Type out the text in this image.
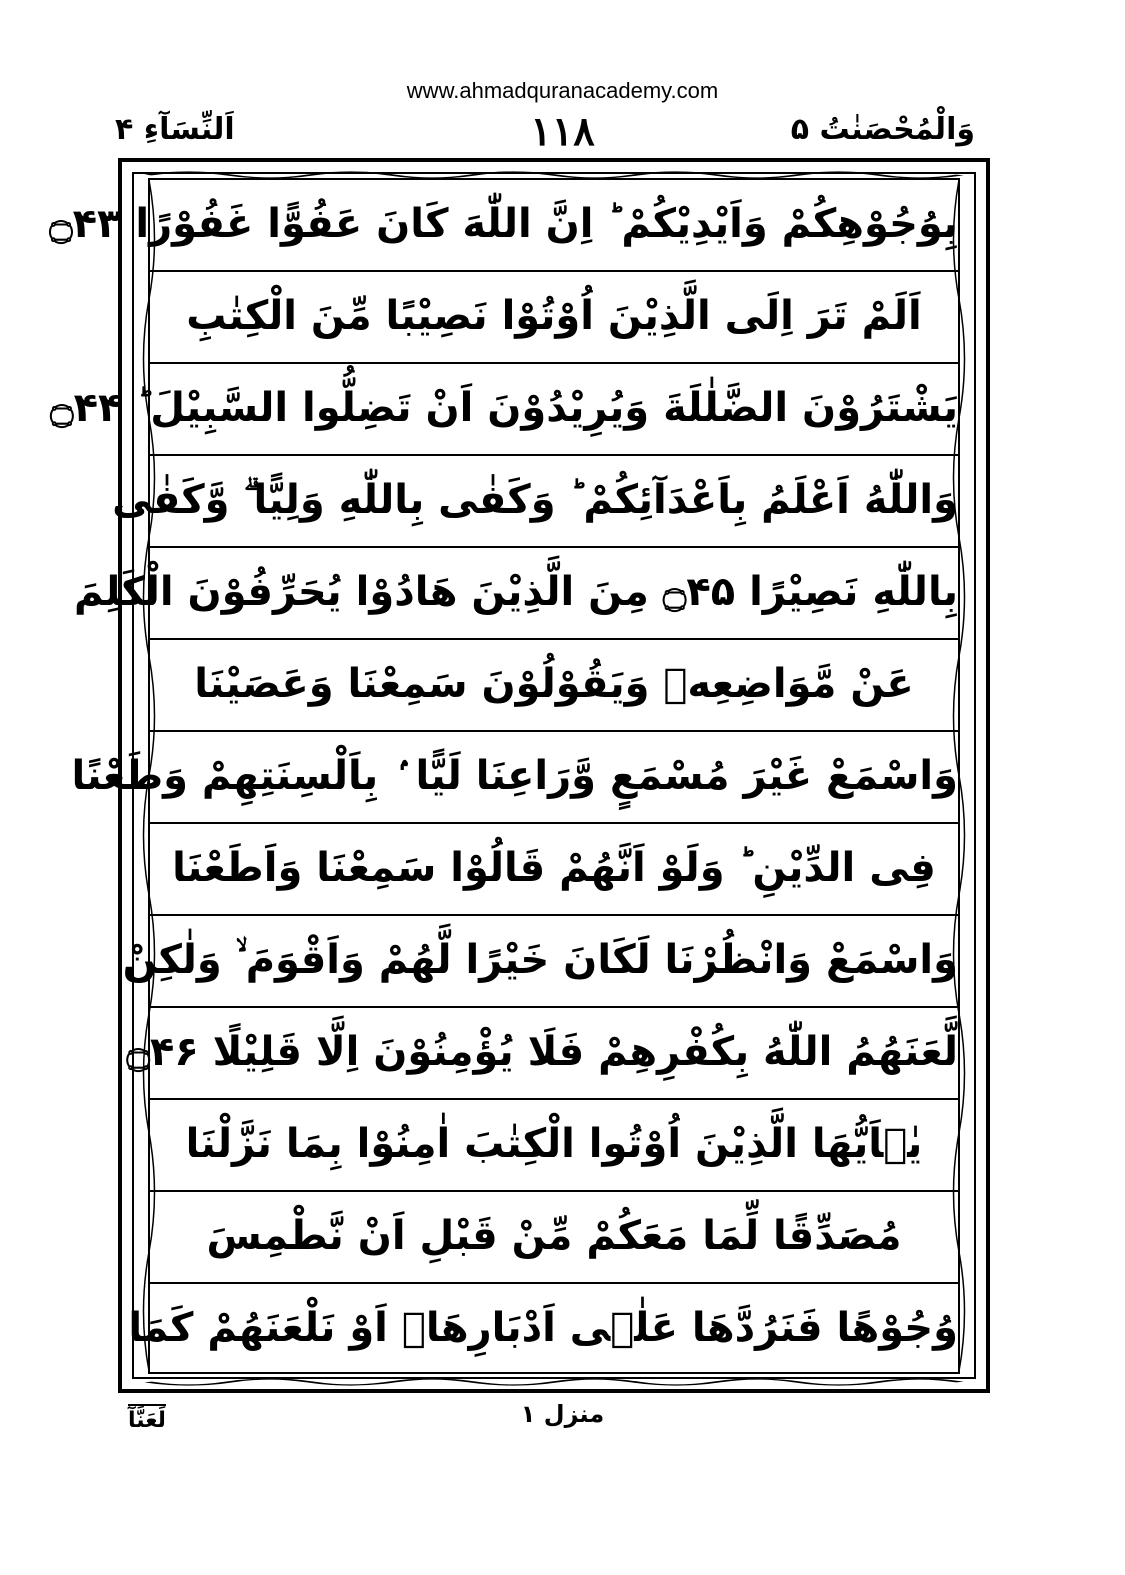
www.ahmadquranacademy.com
وَالْمُحْصَنٰتُ ۵
۱۱۸
اَلنِّسَآءِ ۴
بِوُجُوْهِكُمْ وَاَيْدِيْكُمْ ؕ اِنَّ اللّٰهَ كَانَ عَفُوًّا غَفُوْرًا ۝۴۳
اَلَمْ تَرَ اِلَى الَّذِيْنَ اُوْتُوْا نَصِيْبًا مِّنَ الْكِتٰبِ
يَشْتَرُوْنَ الضَّلٰلَةَ وَيُرِيْدُوْنَ اَنْ تَضِلُّوا السَّبِيْلَ ؕ ۝۴۴
وَاللّٰهُ اَعْلَمُ بِاَعْدَآئِكُمْ ؕ وَكَفٰى بِاللّٰهِ وَلِيًّا ۗ وَّكَفٰى
بِاللّٰهِ نَصِيْرًا ۝۴۵ مِنَ الَّذِيْنَ هَادُوْا يُحَرِّفُوْنَ الْكَلِمَ
عَنْ مَّوَاضِعِهٖ وَيَقُوْلُوْنَ سَمِعْنَا وَعَصَيْنَا
وَاسْمَعْ غَيْرَ مُسْمَعٍ وَّرَاعِنَا لَيًّا ۢ بِاَلْسِنَتِهِمْ وَطَعْنًا
فِى الدِّيْنِ ؕ وَلَوْ اَنَّهُمْ قَالُوْا سَمِعْنَا وَاَطَعْنَا
وَاسْمَعْ وَانْظُرْنَا لَكَانَ خَيْرًا لَّهُمْ وَاَقْوَمَ ۙ وَلٰكِنْ
لَّعَنَهُمُ اللّٰهُ بِكُفْرِهِمْ فَلَا يُؤْمِنُوْنَ اِلَّا قَلِيْلًا ۝۴۶
يٰۤاَيُّهَا الَّذِيْنَ اُوْتُوا الْكِتٰبَ اٰمِنُوْا بِمَا نَزَّلْنَا
مُصَدِّقًا لِّمَا مَعَكُمْ مِّنْ قَبْلِ اَنْ نَّطْمِسَ
وُجُوْهًا فَنَرُدَّهَا عَلٰۤى اَدْبَارِهَاۤ اَوْ نَلْعَنَهُمْ كَمَا
منزل ۱
لَعَنَّآ
